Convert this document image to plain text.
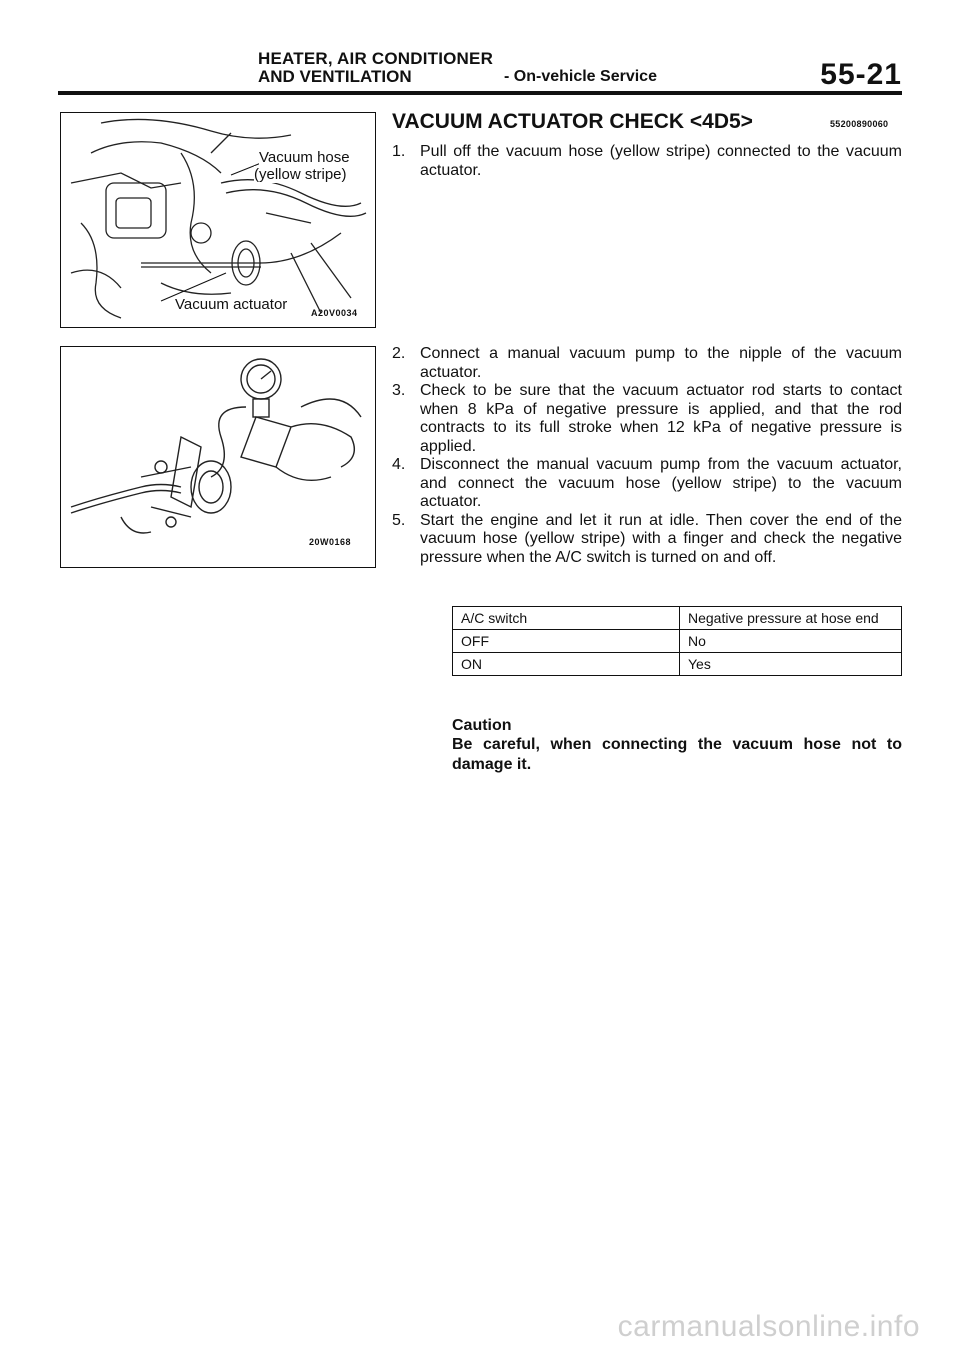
HEATER, AIR CONDITIONER
AND VENTILATION	- On-vehicle Service	55-21
Vacuum hose
(yellow stripe)
Vacuum actuator	A20V0034
20W0168
VACUUM ACTUATOR CHECK <4D5>	55200890060
1. Pull off the vacuum hose (yellow stripe) connected to the vacuum actuator.
2. Connect a manual vacuum pump to the nipple of the vacuum actuator.
3. Check to be sure that the vacuum actuator rod starts to contact when 8 kPa of negative pressure is applied, and that the rod contracts to its full stroke when 12 kPa of negative pressure is applied.
4. Disconnect the manual vacuum pump from the vacuum actuator, and connect the vacuum hose (yellow stripe) to the vacuum actuator.
5. Start the engine and let it run at idle. Then cover the end of the vacuum hose (yellow stripe) with a finger and check the negative pressure when the A/C switch is turned on and off.
A/C switch	Negative pressure at hose end
OFF	No
ON	Yes
Caution
Be careful, when connecting the vacuum hose not to damage it.
carmanualsonline.info
